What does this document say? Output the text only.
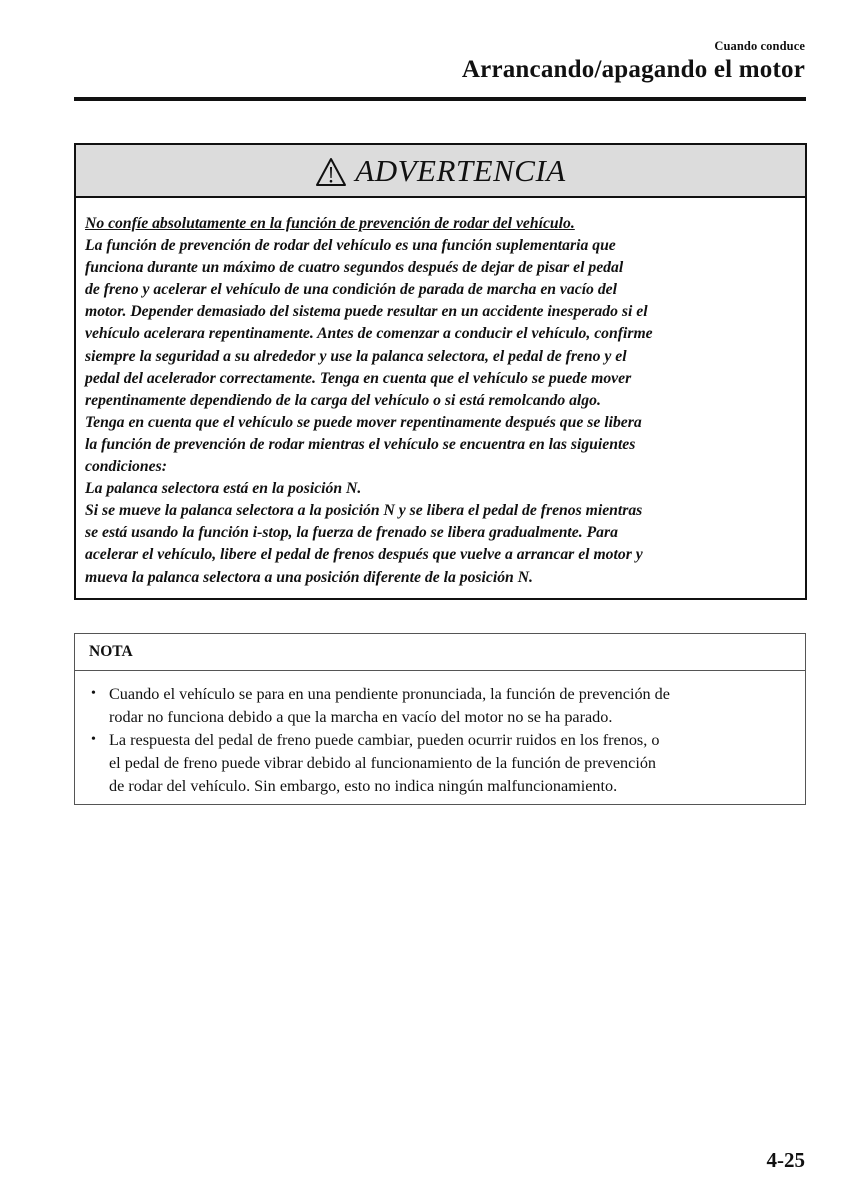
Cuando conduce
Arrancando/apagando el motor
ADVERTENCIA
No confíe absolutamente en la función de prevención de rodar del vehículo.
La función de prevención de rodar del vehículo es una función suplementaria que
funciona durante un máximo de cuatro segundos después de dejar de pisar el pedal
de freno y acelerar el vehículo de una condición de parada de marcha en vacío del
motor. Depender demasiado del sistema puede resultar en un accidente inesperado si el
vehículo acelerara repentinamente. Antes de comenzar a conducir el vehículo, confirme
siempre la seguridad a su alrededor y use la palanca selectora, el pedal de freno y el
pedal del acelerador correctamente. Tenga en cuenta que el vehículo se puede mover
repentinamente dependiendo de la carga del vehículo o si está remolcando algo.
Tenga en cuenta que el vehículo se puede mover repentinamente después que se libera
la función de prevención de rodar mientras el vehículo se encuentra en las siguientes
condiciones:
La palanca selectora está en la posición N.
Si se mueve la palanca selectora a la posición N y se libera el pedal de frenos mientras
se está usando la función i-stop, la fuerza de frenado se libera gradualmente. Para
acelerar el vehículo, libere el pedal de frenos después que vuelve a arrancar el motor y
mueva la palanca selectora a una posición diferente de la posición N.
NOTA
• Cuando el vehículo se para en una pendiente pronunciada, la función de prevención de
rodar no funciona debido a que la marcha en vacío del motor no se ha parado.
• La respuesta del pedal de freno puede cambiar, pueden ocurrir ruidos en los frenos, o
el pedal de freno puede vibrar debido al funcionamiento de la función de prevención
de rodar del vehículo. Sin embargo, esto no indica ningún malfuncionamiento.
4-25
